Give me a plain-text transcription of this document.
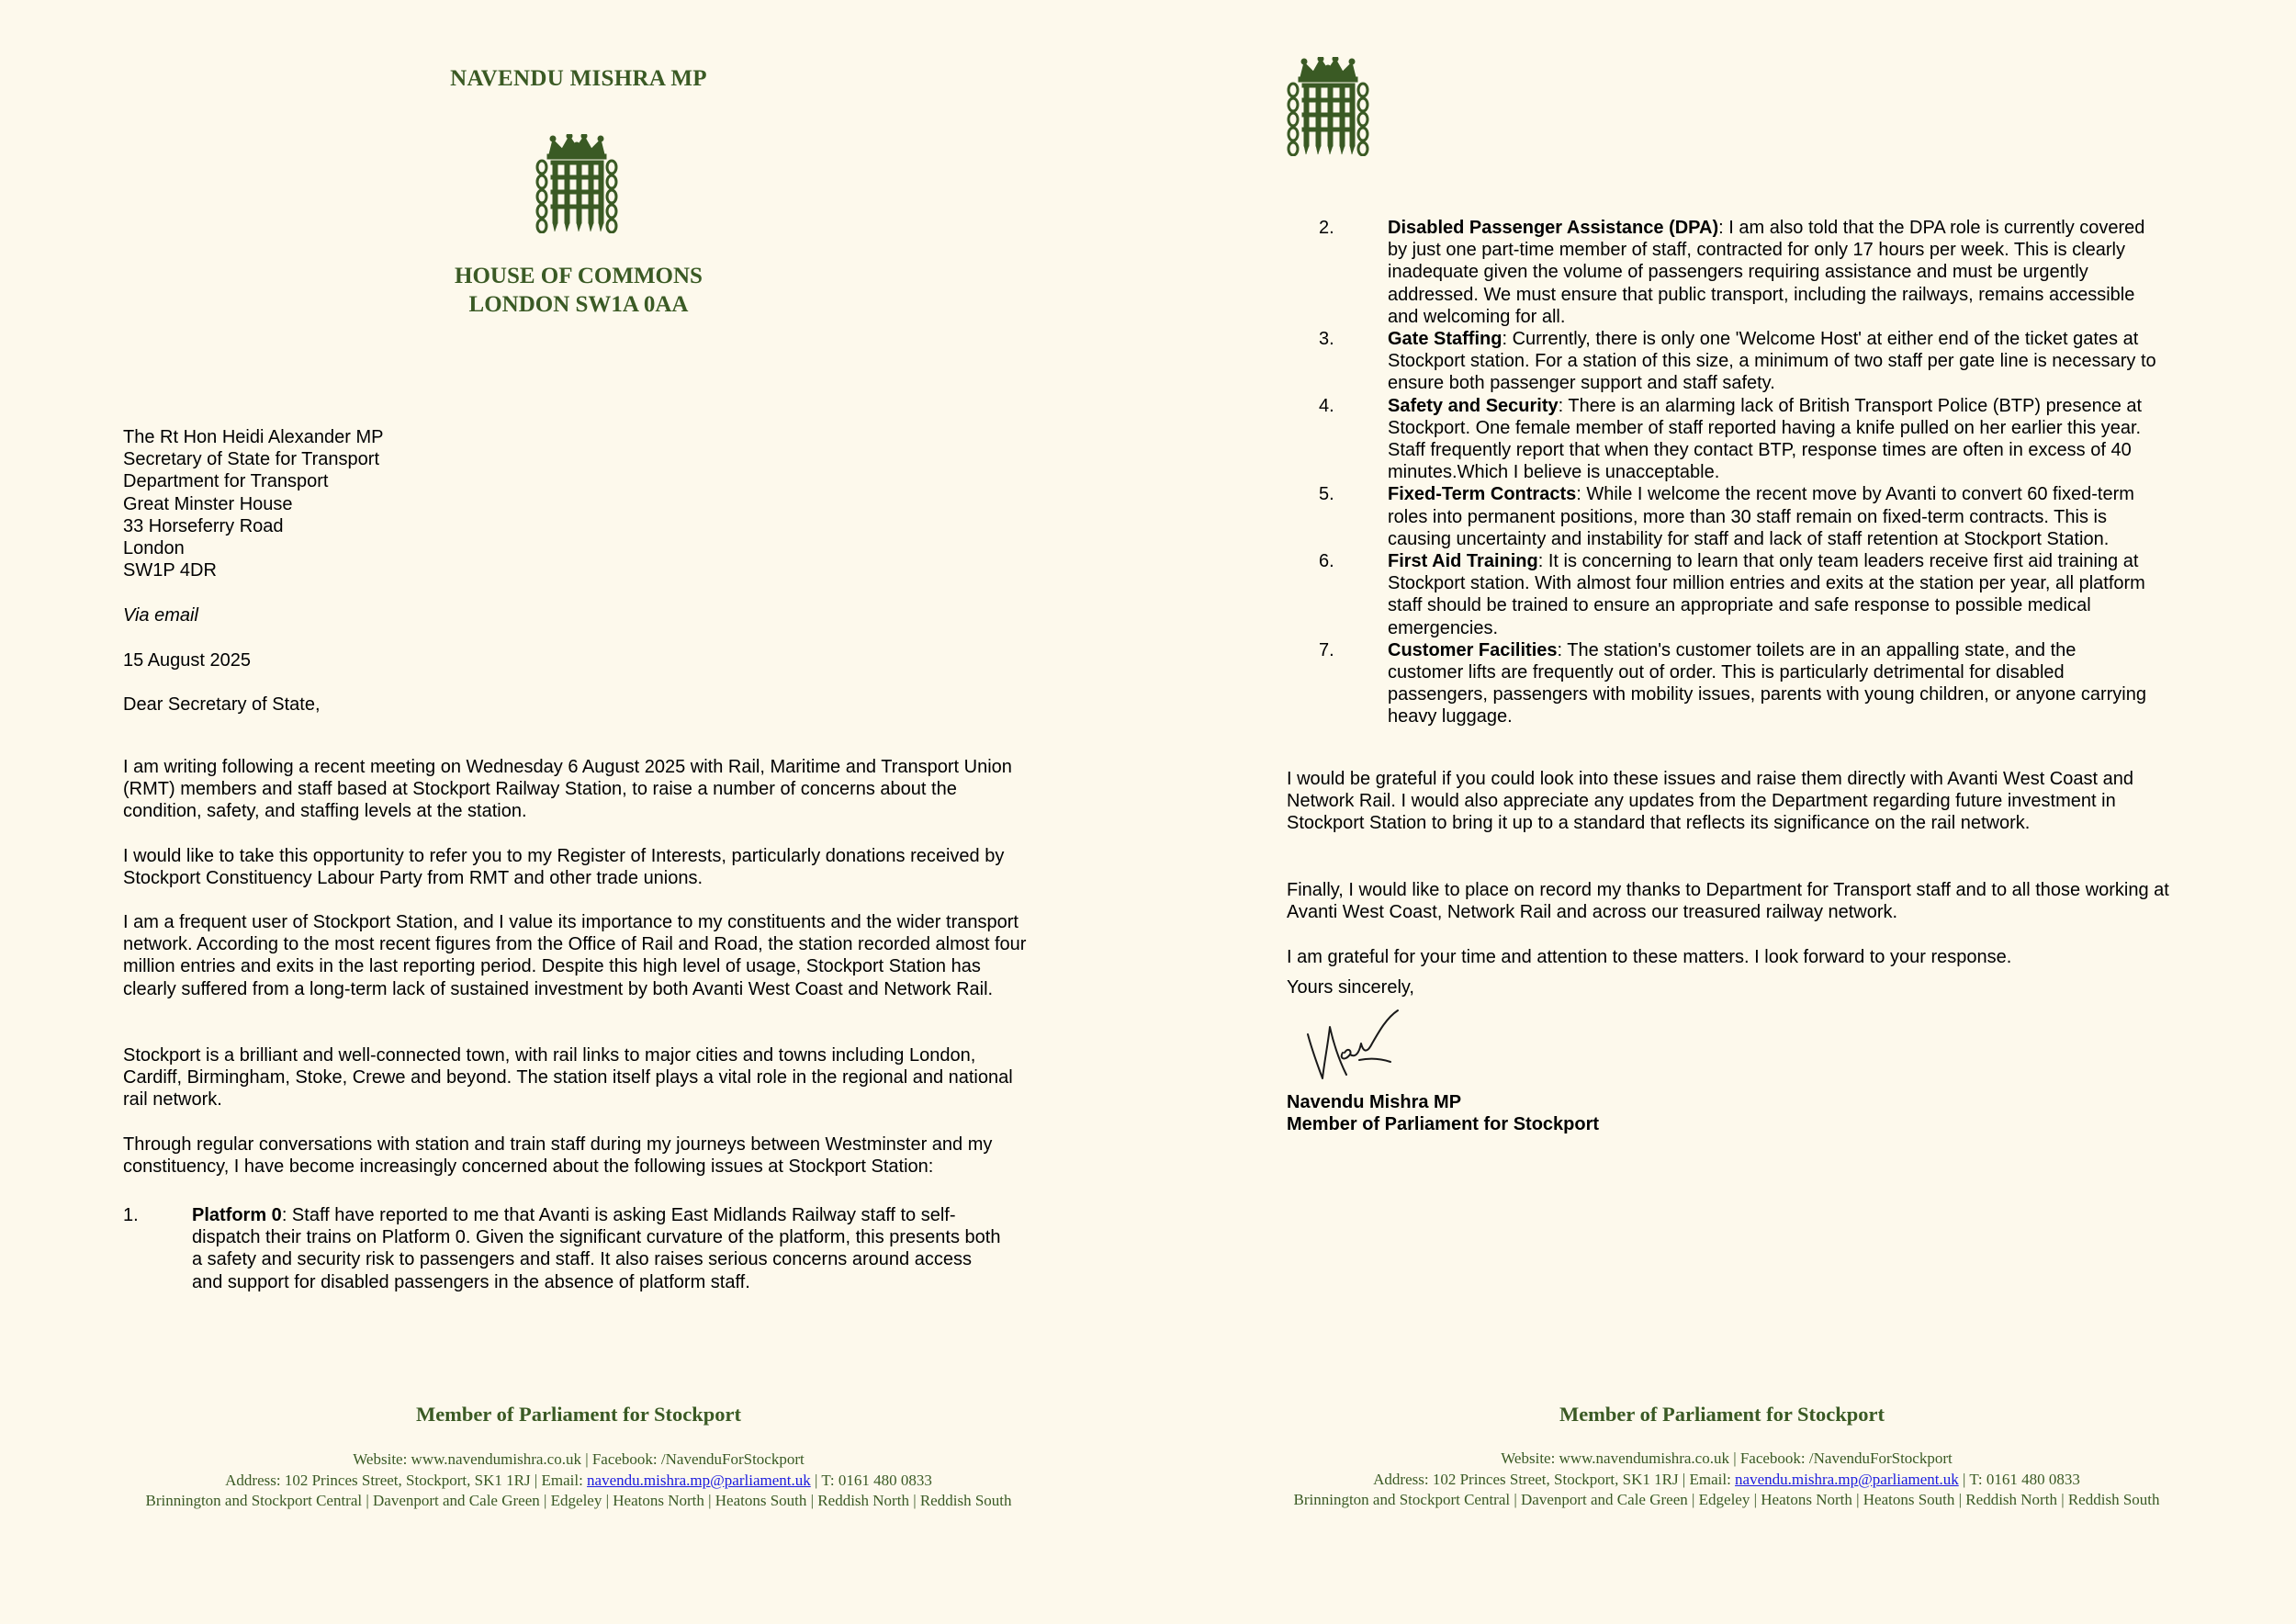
NAVENDU MISHRA MP
HOUSE OF COMMONS
LONDON SW1A 0AA
The Rt Hon Heidi Alexander MP
Secretary of State for Transport
Department for Transport
Great Minster House
33 Horseferry Road
London
SW1P 4DR
Via email
15 August 2025
Dear Secretary of State,

I am writing following a recent meeting on Wednesday 6 August 2025 with Rail, Maritime and Transport Union (RMT) members and staff based at Stockport Railway Station, to raise a number of concerns about the condition, safety, and staffing levels at the station.

I would like to take this opportunity to refer you to my Register of Interests, particularly donations received by Stockport Constituency Labour Party from RMT and other trade unions.

I am a frequent user of Stockport Station, and I value its importance to my constituents and the wider transport network. According to the most recent figures from the Office of Rail and Road, the station recorded almost four million entries and exits in the last reporting period. Despite this high level of usage, Stockport Station has clearly suffered from a long-term lack of sustained investment by both Avanti West Coast and Network Rail.

Stockport is a brilliant and well-connected town, with rail links to major cities and towns including London, Cardiff, Birmingham, Stoke, Crewe and beyond. The station itself plays a vital role in the regional and national rail network.

Through regular conversations with station and train staff during my journeys between Westminster and my constituency, I have become increasingly concerned about the following issues at Stockport Station:

1.	Platform 0: Staff have reported to me that Avanti is asking East Midlands Railway staff to self-dispatch their trains on Platform 0. Given the significant curvature of the platform, this presents both a safety and security risk to passengers and staff. It also raises serious concerns around access and support for disabled passengers in the absence of platform staff.
Member of Parliament for Stockport
Website: www.navendumishra.co.uk | Facebook: /NavenduForStockport
Address: 102 Princes Street, Stockport, SK1 1RJ | Email: navendu.mishra.mp@parliament.uk | T: 0161 480 0833
Brinnington and Stockport Central | Davenport and Cale Green | Edgeley | Heatons North | Heatons South | Reddish North | Reddish South
2.	Disabled Passenger Assistance (DPA): I am also told that the DPA role is currently covered by just one part-time member of staff, contracted for only 17 hours per week. This is clearly inadequate given the volume of passengers requiring assistance and must be urgently addressed. We must ensure that public transport, including the railways, remains accessible and welcoming for all.
3.	Gate Staffing: Currently, there is only one 'Welcome Host' at either end of the ticket gates at Stockport station. For a station of this size, a minimum of two staff per gate line is necessary to ensure both passenger support and staff safety.
4.	Safety and Security: There is an alarming lack of British Transport Police (BTP) presence at Stockport. One female member of staff reported having a knife pulled on her earlier this year. Staff frequently report that when they contact BTP, response times are often in excess of 40 minutes.Which I believe is unacceptable.
5.	Fixed-Term Contracts: While I welcome the recent move by Avanti to convert 60 fixed-term roles into permanent positions, more than 30 staff remain on fixed-term contracts. This is causing uncertainty and instability for staff and lack of staff retention at Stockport Station.
6.	First Aid Training: It is concerning to learn that only team leaders receive first aid training at Stockport station. With almost four million entries and exits at the station per year, all platform staff should be trained to ensure an appropriate and safe response to possible medical emergencies.
7.	Customer Facilities: The station's customer toilets are in an appalling state, and the customer lifts are frequently out of order. This is particularly detrimental for disabled passengers, passengers with mobility issues, parents with young children, or anyone carrying heavy luggage.

I would be grateful if you could look into these issues and raise them directly with Avanti West Coast and Network Rail. I would also appreciate any updates from the Department regarding future investment in Stockport Station to bring it up to a standard that reflects its significance on the rail network.

Finally, I would like to place on record my thanks to Department for Transport staff and to all those working at Avanti West Coast, Network Rail and across our treasured railway network.

I am grateful for your time and attention to these matters. I look forward to your response.

Yours sincerely,
Navendu Mishra MP
Member of Parliament for Stockport
Member of Parliament for Stockport
Website: www.navendumishra.co.uk | Facebook: /NavenduForStockport
Address: 102 Princes Street, Stockport, SK1 1RJ | Email: navendu.mishra.mp@parliament.uk | T: 0161 480 0833
Brinnington and Stockport Central | Davenport and Cale Green | Edgeley | Heatons North | Heatons South | Reddish North | Reddish South
